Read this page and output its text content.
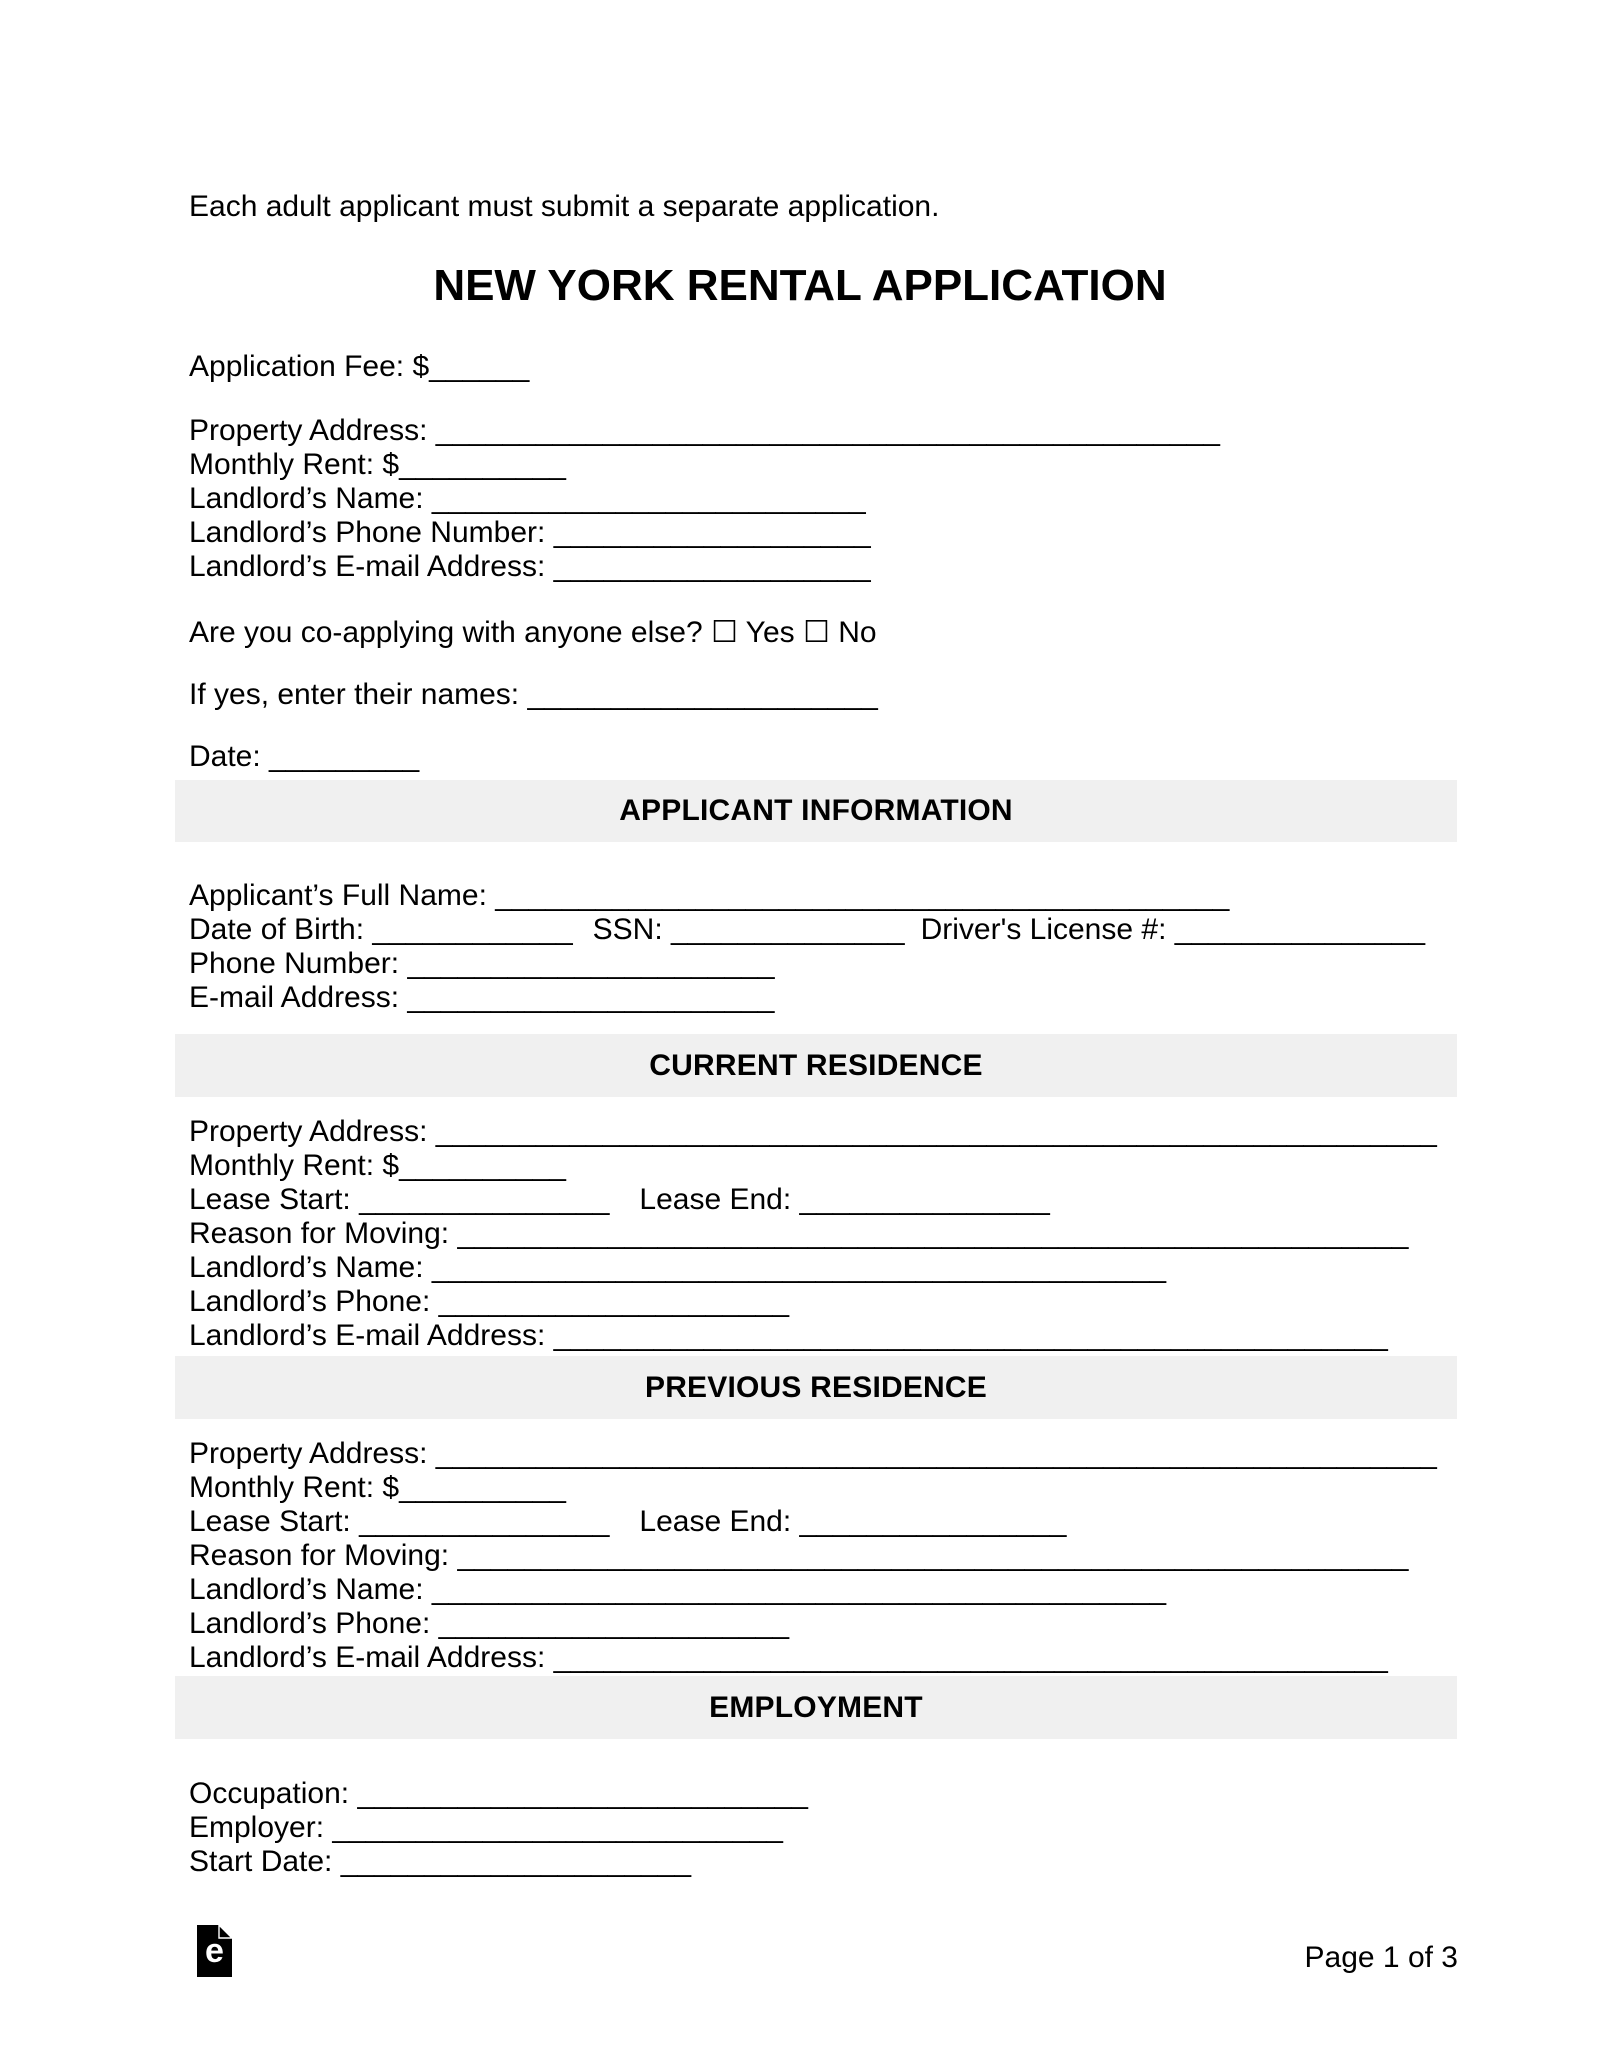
Each adult applicant must submit a separate application.
NEW YORK RENTAL APPLICATION
Application Fee: $______
Property Address: _______________________________________________
Monthly Rent: $__________
Landlord’s Name: __________________________
Landlord’s Phone Number: ___________________
Landlord’s E-mail Address: ___________________
Are you co-applying with anyone else? ☐ Yes ☐ No
If yes, enter their names: _____________________
Date: _________
APPLICANT INFORMATION
Applicant’s Full Name: ____________________________________________
Date of Birth: ____________ SSN: ______________ Driver's License #: _______________
Phone Number: ______________________
E-mail Address: ______________________
CURRENT RESIDENCE
Property Address: ____________________________________________________________
Monthly Rent: $__________
Lease Start: _______________ Lease End: _______________
Reason for Moving: _________________________________________________________
Landlord’s Name: ____________________________________________
Landlord’s Phone: _____________________
Landlord’s E-mail Address: __________________________________________________
PREVIOUS RESIDENCE
Property Address: ____________________________________________________________
Monthly Rent: $__________
Lease Start: _______________ Lease End: ________________
Reason for Moving: _________________________________________________________
Landlord’s Name: ____________________________________________
Landlord’s Phone: _____________________
Landlord’s E-mail Address: __________________________________________________
EMPLOYMENT
Occupation: ___________________________
Employer: ___________________________
Start Date: _____________________
e	Page 1 of 3
